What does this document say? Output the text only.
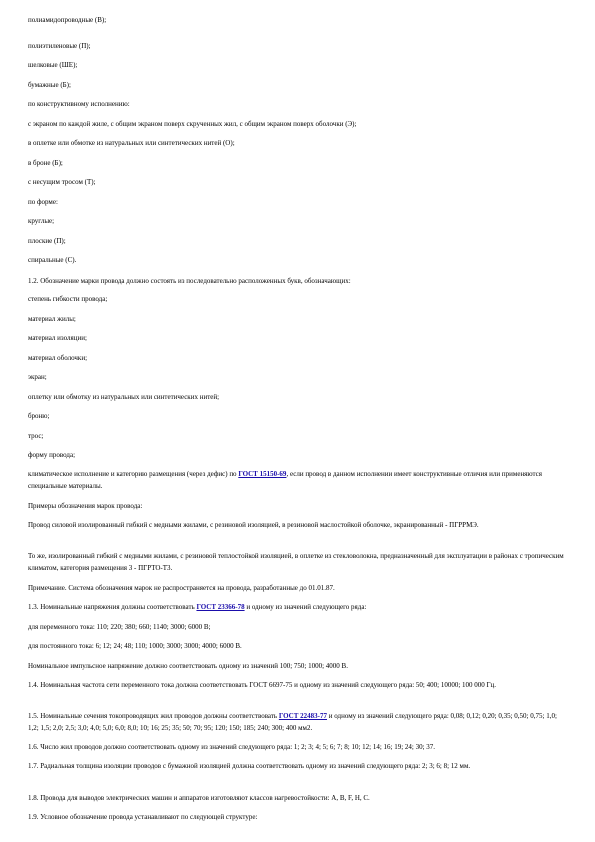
полиамидопроводные (В);
полиэтиленовые (П);
шелковые (ШЕ);
бумажные (Б);
по конструктивному исполнению:
с экраном по каждой жиле, с общим экраном поверх скрученных жил, с общим экраном поверх оболочки (Э);
в оплетке или обмотке из натуральных или синтетических нитей (О);
в броне (Б);
с несущим тросом (Т);
по форме:
круглые;
плоские (П);
спиральные (С).
1.2. Обозначение марки провода должно состоять из последовательно расположенных букв, обозначающих:
степень гибкости провода;
материал жилы;
материал изоляции;
материал оболочки;
экран;
оплетку или обмотку из натуральных или синтетических нитей;
броню;
трос;
форму провода;
климатическое исполнение и категорию размещения (через дефис) по ГОСТ 15150-69, если провод в данном исполнении имеет конструктивные отличия или применяются специальные материалы.
Примеры обозначения марок провода:
Провод силовой изолированный гибкий с медными жилами, с резиновой изоляцией, в резиновой маслостойкой оболочке, экранированный - ПГРРМЭ.
То же, изолированный гибкий с медными жилами, с резиновой теплостойкой изоляцией, в оплетке из стекловолокна, предназначенный для эксплуатации в районах с тропическим климатом, категория размещения 3 - ПГРТО-Т3.
Примечание. Система обозначения марок не распространяется на провода, разработанные до 01.01.87.
1.3. Номинальные напряжения должны соответствовать ГОСТ 23366-78 и одному из значений следующего ряда:
для переменного тока: 110; 220; 380; 660; 1140; 3000; 6000 В;
для постоянного тока: 6; 12; 24; 48; 110; 1000; 3000; 3000; 4000; 6000 В.
Номинальное импульсное напряжение должно соответствовать одному из значений 100; 750; 1000; 4000 В.
1.4. Номинальная частота сети переменного тока должна соответствовать ГОСТ 6697-75 и одному из значений следующего ряда: 50; 400; 10000; 100 000 Гц.
1.5. Номинальные сечения токопроводящих жил проводов должны соответствовать ГОСТ 22483-77 и одному из значений следующего ряда: 0,08; 0,12; 0,20; 0,35; 0,50; 0,75; 1,0; 1,2; 1,5; 2,0; 2,5; 3,0; 4,0; 5,0; 6,0; 8,0; 10; 16; 25; 35; 50; 70; 95; 120; 150; 185; 240; 300; 400 мм2.
1.6. Число жил проводов должно соответствовать одному из значений следующего ряда: 1; 2; 3; 4; 5; 6; 7; 8; 10; 12; 14; 16; 19; 24; 30; 37.
1.7. Радиальная толщина изоляции проводов с бумажной изоляцией должна соответствовать одному из значений следующего ряда: 2; 3; 6; 8; 12 мм.
1.8. Провода для выводов электрических машин и аппаратов изготовляют классов нагревостойкости: А, В, F, Н, С.
1.9. Условное обозначение провода устанавливают по следующей структуре:
